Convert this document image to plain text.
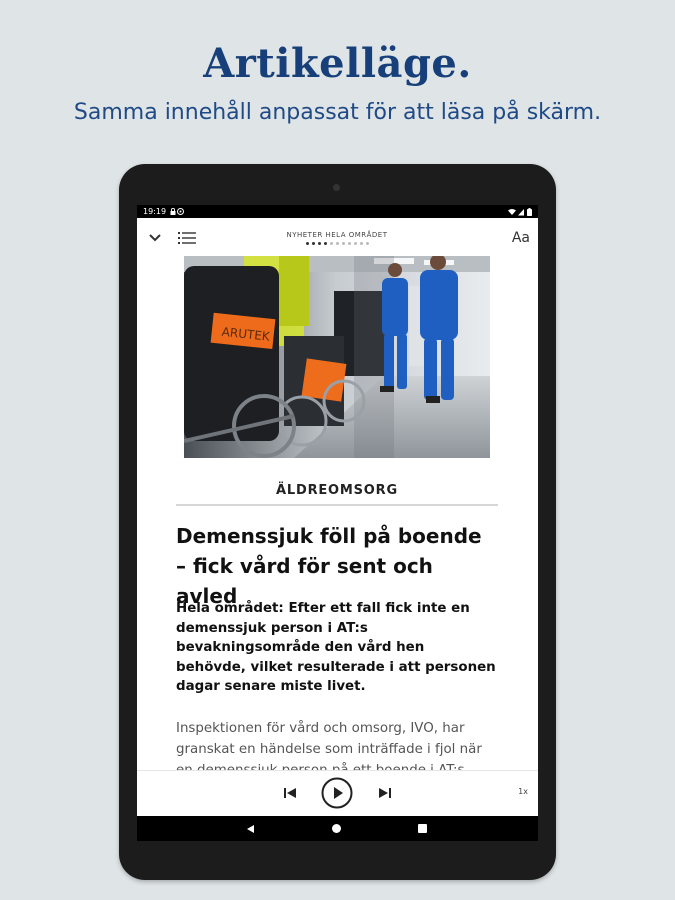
Artikelläge.
Samma innehåll anpassat för att läsa på skärm.
19:19
NYHETER HELA OMRÅDET	Aa
ARUTEK
ÄLDREOMSORG
Demenssjuk föll på boende – fick vård för sent och avled
Hela området: Efter ett fall fick inte en demenssjuk person i AT:s bevakningsområde den vård hen behövde, vilket resulterade i att personen dagar senare miste livet.
Inspektionen för vård och omsorg, IVO, har granskat en händelse som inträffade i fjol när
1x
